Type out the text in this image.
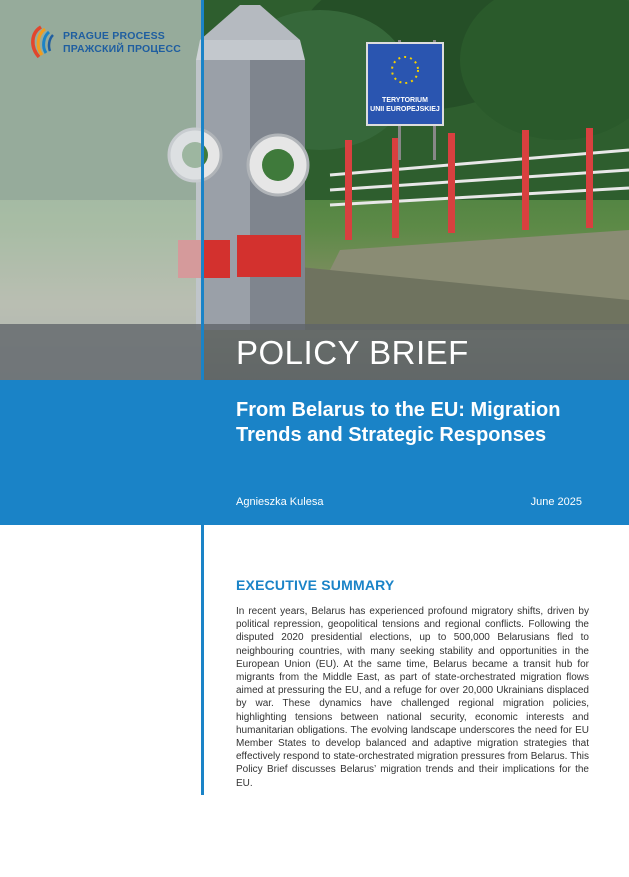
TERYTORIUM
UNII EUROPEJSKIEJ
PRAGUE PROCESS
ПРАЖСКИЙ ПРОЦЕСС
POLICY BRIEF
From Belarus to the EU: Migration Trends and Strategic Responses
Agnieszka Kulesa	June 2025
EXECUTIVE SUMMARY
In recent years, Belarus has experienced profound migratory shifts, driven by political repression, geopolitical tensions and regional conflicts. Following the disputed 2020 presidential elections, up to 500,000 Belarusians fled to neighbouring countries, with many seeking stability and opportunities in the European Union (EU). At the same time, Belarus became a transit hub for migrants from the Middle East, as part of state-orchestrated migration flows aimed at pressuring the EU, and a refuge for over 20,000 Ukrainians displaced by war. These dynamics have challenged regional migration policies, highlighting tensions between national security, economic interests and humanitarian obligations. The evolving landscape underscores the need for EU Member States to develop balanced and adaptive migration strategies that effectively respond to state-orchestrated migration pressures from Belarus. This Policy Brief discusses Belarus’ migration trends and their implications for the EU.
